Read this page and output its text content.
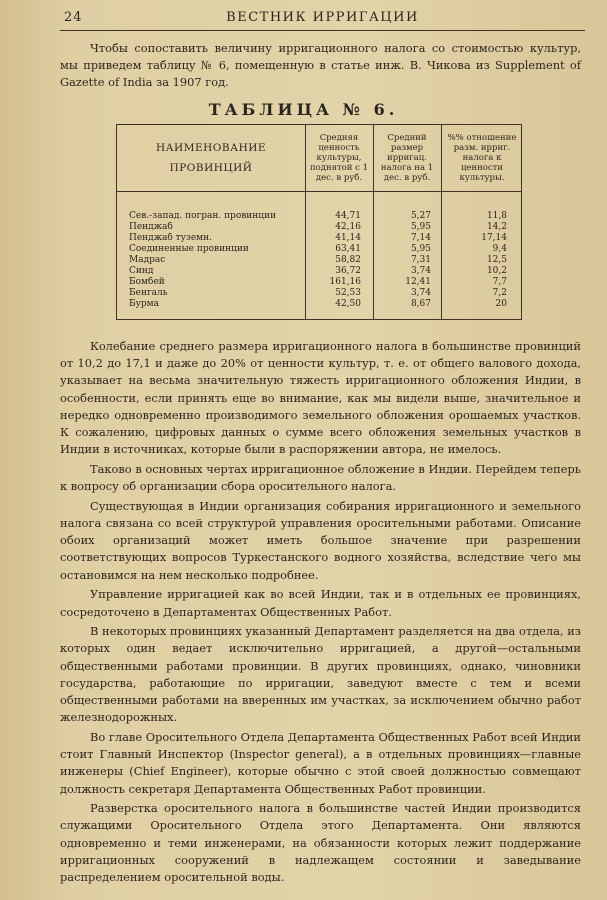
24	ВЕСТНИК ИРРИГАЦИИ

Чтобы сопоставить величину ирригационного налога со стоимостью культур, мы приведем таблицу № 6, помещенную в статье инж. В. Чикова из Supplement of Gazette of India за 1907 год.

ТАБЛИЦА № 6.
НАИМЕНОВАНИЕ ПРОВИНЦИЙ
Средняя ценность культуры, поднятой с 1 дес. в руб.
Средний размер ирригац. налога на 1 дес. в руб.
%% отношение разм. ирриг. налога к ценности культуры.
Сев.-запад. погран. провинции	44,71	5,27	11,8
Пенджаб	42,16	5,95	14,2
Пенджаб туземн.	41,14	7,14	17,14
Соединенные провинции	63,41	5,95	9,4
Мадрас	58,82	7,31	12,5
Синд	36,72	3,74	10,2
Бомбей	161,16	12,41	7,7
Бенгаль	52,53	3,74	7,2
Бурма	42,50	8,67	20

Колебание среднего размера ирригационного налога в большинстве провинций от 10,2 до 17,1 и даже до 20% от ценности культур, т. е. от общего валового дохода, указывает на весьма значительную тяжесть ирригационного обложения Индии, в особенности, если принять еще во внимание, как мы видели выше, значительное и нередко одновременно производимого земельного обложения орошаемых участков. К сожалению, цифровых данных о сумме всего обложения земельных участков в Индии в источниках, которые были в распоряжении автора, не имелось.

Таково в основных чертах ирригационное обложение в Индии. Перейдем теперь к вопросу об организации сбора оросительного налога.

Существующая в Индии организация собирания ирригационного и земельного налога связана со всей структурой управления оросительными работами. Описание обоих организаций может иметь большое значение при разрешении соответствующих вопросов Туркестанского водного хозяйства, вследствие чего мы остановимся на нем несколько подробнее.

Управление ирригацией как во всей Индии, так и в отдельных ее провинциях, сосредоточено в Департаментах Общественных Работ.

В некоторых провинциях указанный Департамент разделяется на два отдела, из которых один ведает исключительно ирригацией, а другой—остальными общественными работами провинции. В других провинциях, однако, чиновники государства, работающие по ирригации, заведуют вместе с тем и всеми общественными работами на вверенных им участках, за исключением обычно работ железнодорожных.

Во главе Оросительного Отдела Департамента Общественных Работ всей Индии стоит Главный Инспектор (Inspector general), а в отдельных провинциях—главные инженеры (Chief Engineer), которые обычно с этой своей должностью совмещают должность секретаря Департамента Общественных Работ провинции.

Разверстка оросительного налога в большинстве частей Индии производится служащими Оросительного Отдела этого Департамента. Они являются одновременно и теми инженерами, на обязанности которых лежит поддержание ирригационных сооружений в надлежащем состоянии и заведывание распределением оросительной воды.
